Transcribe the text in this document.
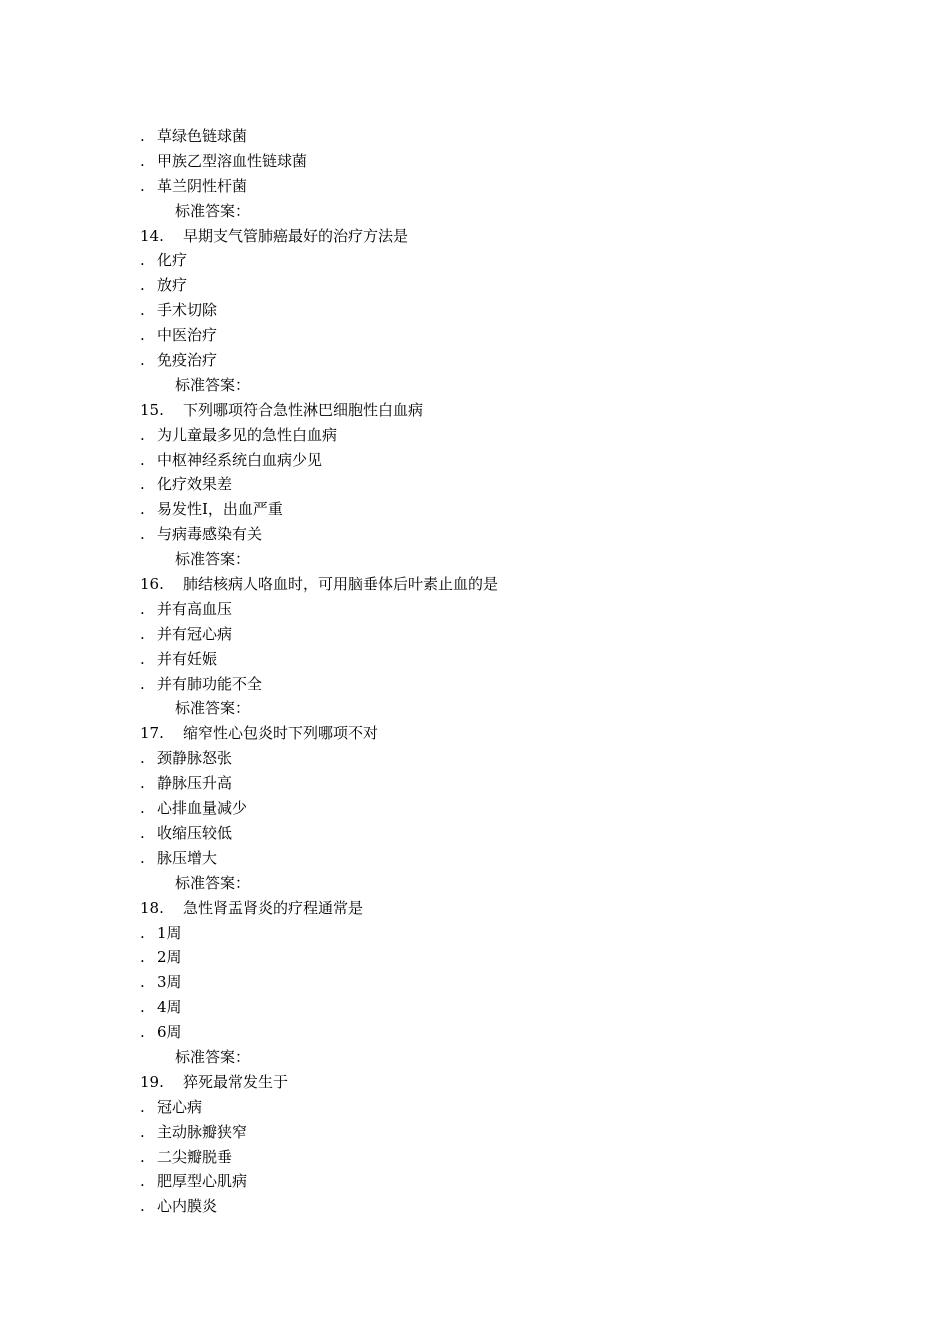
. 草绿色链球菌
. 甲族乙型溶血性链球菌
. 革兰阴性杆菌
标准答案：
14. 早期支气管肺癌最好的治疗方法是
. 化疗
. 放疗
. 手术切除
. 中医治疗
. 免疫治疗
标准答案：
15. 下列哪项符合急性淋巴细胞性白血病
. 为儿童最多见的急性白血病
. 中枢神经系统白血病少见
. 化疗效果差
. 易发性I，出血严重
. 与病毒感染有关
标准答案：
16. 肺结核病人咯血时，可用脑垂体后叶素止血的是
. 并有高血压
. 并有冠心病
. 并有妊娠
. 并有肺功能不全
标准答案：
17. 缩窄性心包炎时下列哪项不对
. 颈静脉怒张
. 静脉压升高
. 心排血量减少
. 收缩压较低
. 脉压增大
标准答案：
18. 急性肾盂肾炎的疗程通常是
. 1周
. 2周
. 3周
. 4周
. 6周
标准答案：
19. 猝死最常发生于
. 冠心病
. 主动脉瓣狭窄
. 二尖瓣脱垂
. 肥厚型心肌病
. 心内膜炎
